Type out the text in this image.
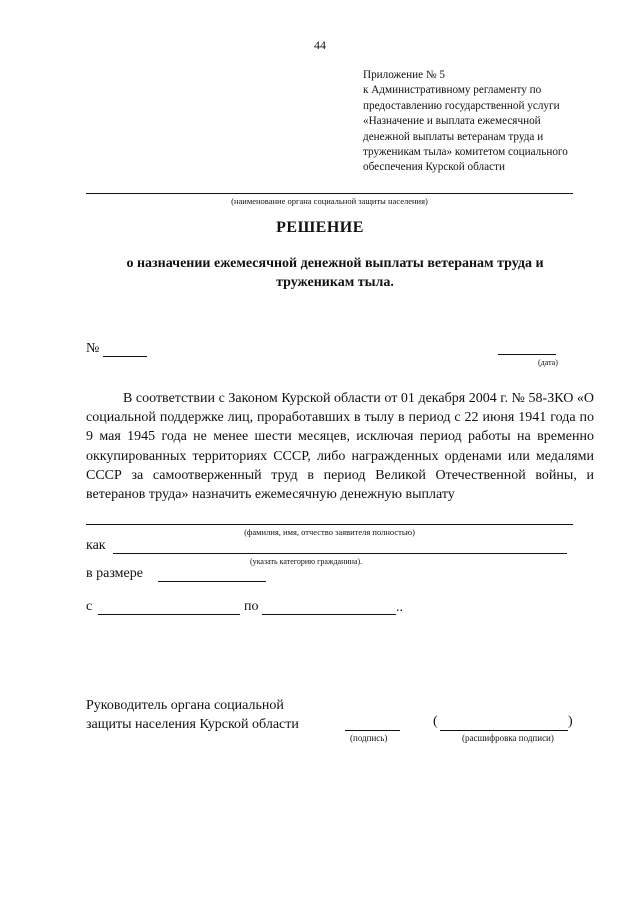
44
Приложение № 5
к Административному регламенту по
предоставлению государственной услуги
«Назначение и выплата ежемесячной
денежной выплаты ветеранам труда и
труженикам тыла» комитетом социального
обеспечения Курской области
(наименование органа социальной защиты населения)
РЕШЕНИЕ
о назначении ежемесячной денежной выплаты ветеранам труда и
труженикам тыла.
№
(дата)
В соответствии с Законом Курской области от 01 декабря 2004 г. № 58-ЗКО «О социальной поддержке лиц, проработавших в тылу в период с 22 июня 1941 года по 9 мая 1945 года не менее шести месяцев, исключая период работы на временно оккупированных территориях СССР, либо награжденных орденами или медалями СССР за самоотверженный труд в период Великой Отечественной войны, и ветеранов труда» назначить ежемесячную денежную выплату
(фамилия, имя, отчество заявителя полностью)
как
(указать категорию гражданина).
в размере
с	по	..
Руководитель органа социальной
защиты населения Курской области
(подпись)
(	)
(расшифровка подписи)
